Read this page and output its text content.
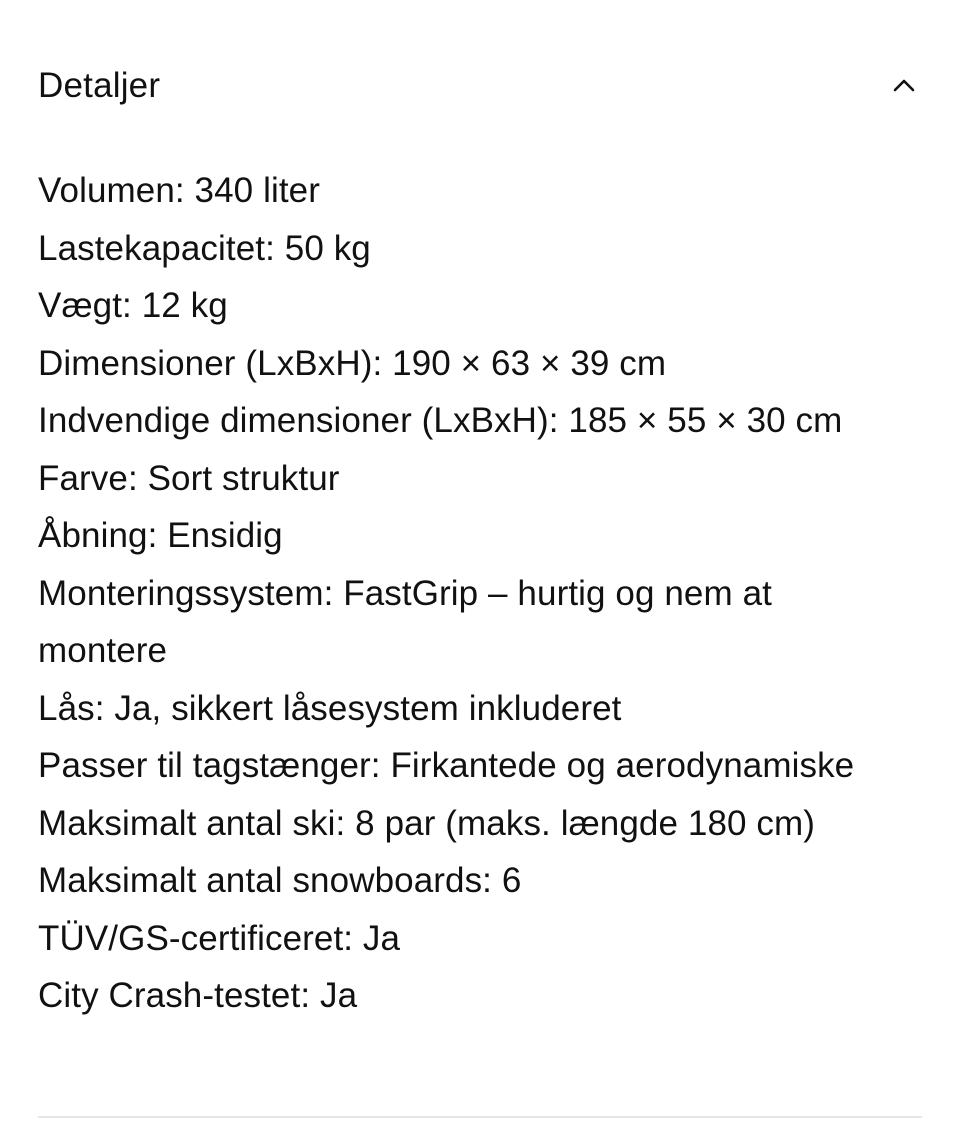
Detaljer
Volumen: 340 liter
Lastekapacitet: 50 kg
Vægt: 12 kg
Dimensioner (LxBxH): 190 × 63 × 39 cm
Indvendige dimensioner (LxBxH): 185 × 55 × 30 cm
Farve: Sort struktur
Åbning: Ensidig
Monteringssystem: FastGrip – hurtig og nem at montere
Lås: Ja, sikkert låsesystem inkluderet
Passer til tagstænger: Firkantede og aerodynamiske
Maksimalt antal ski: 8 par (maks. længde 180 cm)
Maksimalt antal snowboards: 6
TÜV/GS-certificeret: Ja
City Crash-testet: Ja
